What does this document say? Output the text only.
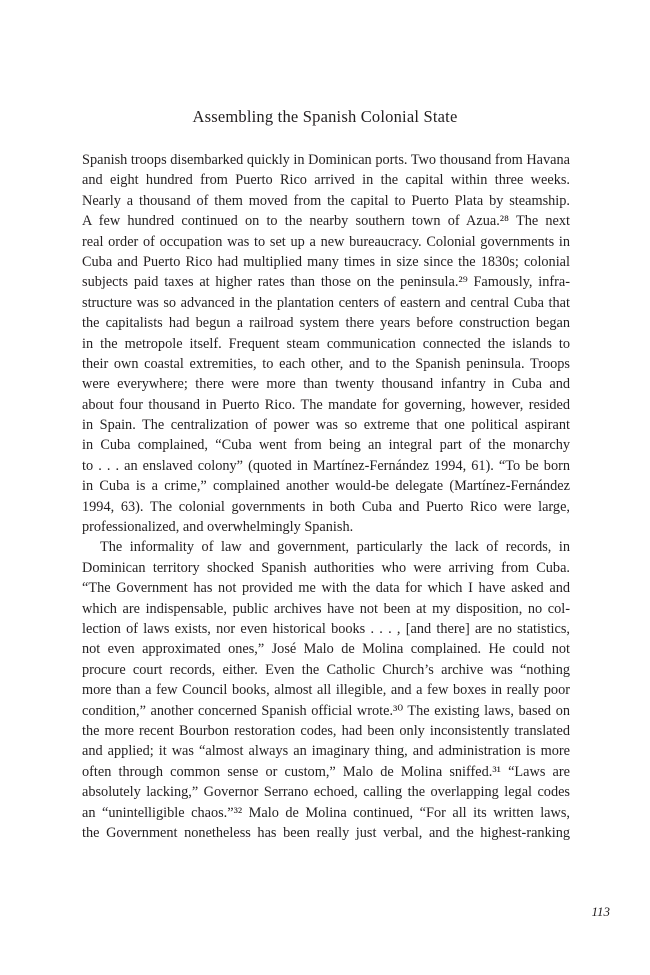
Assembling the Spanish Colonial State
Spanish troops disembarked quickly in Dominican ports. Two thousand from Havana
and eight hundred from Puerto Rico arrived in the capital within three weeks.
Nearly a thousand of them moved from the capital to Puerto Plata by steamship.
A few hundred continued on to the nearby southern town of Azua.²⁸ The next
real order of occupation was to set up a new bureaucracy. Colonial governments in
Cuba and Puerto Rico had multiplied many times in size since the 1830s; colonial
subjects paid taxes at higher rates than those on the peninsula.²⁹ Famously, infra-
structure was so advanced in the plantation centers of eastern and central Cuba that
the capitalists had begun a railroad system there years before construction began
in the metropole itself. Frequent steam communication connected the islands to
their own coastal extremities, to each other, and to the Spanish peninsula. Troops
were everywhere; there were more than twenty thousand infantry in Cuba and
about four thousand in Puerto Rico. The mandate for governing, however, resided
in Spain. The centralization of power was so extreme that one political aspirant
in Cuba complained, “Cuba went from being an integral part of the monarchy
to . . . an enslaved colony” (quoted in Martínez-Fernández 1994, 61). “To be born
in Cuba is a crime,” complained another would-be delegate (Martínez-Fernández
1994, 63). The colonial governments in both Cuba and Puerto Rico were large,
professionalized, and overwhelmingly Spanish.
The informality of law and government, particularly the lack of records, in
Dominican territory shocked Spanish authorities who were arriving from Cuba.
“The Government has not provided me with the data for which I have asked and
which are indispensable, public archives have not been at my disposition, no col-
lection of laws exists, nor even historical books . . . , [and there] are no statistics,
not even approximated ones,” José Malo de Molina complained. He could not
procure court records, either. Even the Catholic Church’s archive was “nothing
more than a few Council books, almost all illegible, and a few boxes in really poor
condition,” another concerned Spanish official wrote.³⁰ The existing laws, based on
the more recent Bourbon restoration codes, had been only inconsistently translated
and applied; it was “almost always an imaginary thing, and administration is more
often through common sense or custom,” Malo de Molina sniffed.³¹ “Laws are
absolutely lacking,” Governor Serrano echoed, calling the overlapping legal codes
an “unintelligible chaos.”³² Malo de Molina continued, “For all its written laws,
the Government nonetheless has been really just verbal, and the highest-ranking
113
